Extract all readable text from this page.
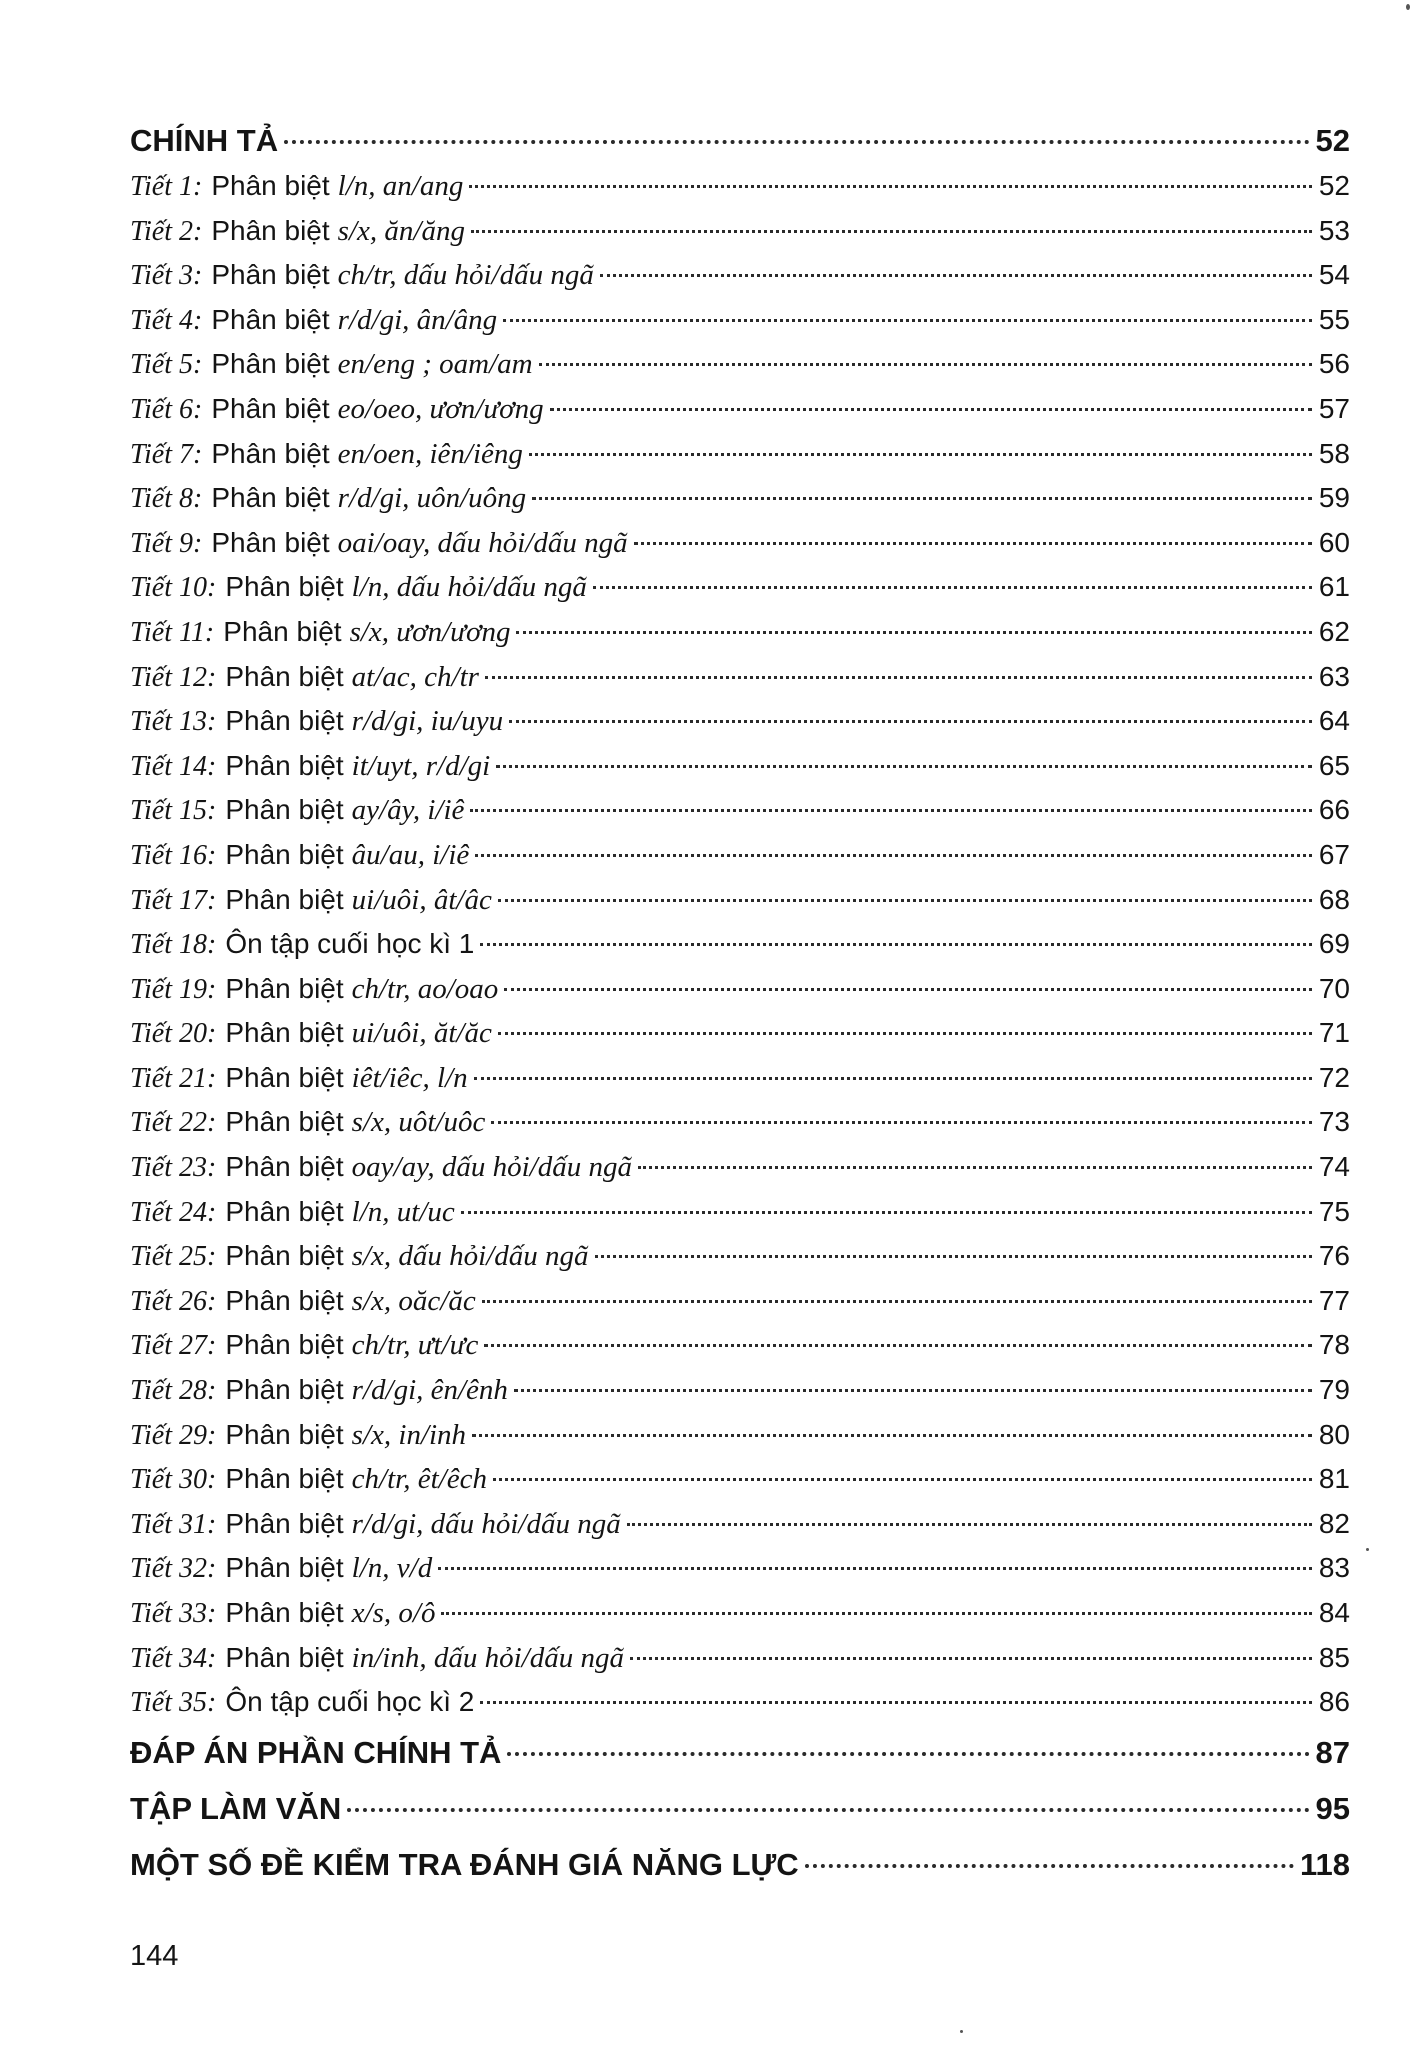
CHÍNH TẢ	52
Tiết 1: Phân biệt l/n, an/ang	52
Tiết 2: Phân biệt s/x, ăn/ăng	53
Tiết 3: Phân biệt ch/tr, dấu hỏi/dấu ngã	54
Tiết 4: Phân biệt r/d/gi, ân/âng	55
Tiết 5: Phân biệt en/eng ; oam/am	56
Tiết 6: Phân biệt eo/oeo, ươn/ương	57
Tiết 7: Phân biệt en/oen, iên/iêng	58
Tiết 8: Phân biệt r/d/gi, uôn/uông	59
Tiết 9: Phân biệt oai/oay, dấu hỏi/dấu ngã	60
Tiết 10: Phân biệt l/n, dấu hỏi/dấu ngã	61
Tiết 11: Phân biệt s/x, ươn/ương	62
Tiết 12: Phân biệt at/ac, ch/tr	63
Tiết 13: Phân biệt r/d/gi, iu/uyu	64
Tiết 14: Phân biệt it/uyt, r/d/gi	65
Tiết 15: Phân biệt ay/ây, i/iê	66
Tiết 16: Phân biệt âu/au, i/iê	67
Tiết 17: Phân biệt ui/uôi, ât/âc	68
Tiết 18: Ôn tập cuối học kì 1	69
Tiết 19: Phân biệt ch/tr, ao/oao	70
Tiết 20: Phân biệt ui/uôi, ăt/ăc	71
Tiết 21: Phân biệt iêt/iêc, l/n	72
Tiết 22: Phân biệt s/x, uôt/uôc	73
Tiết 23: Phân biệt oay/ay, dấu hỏi/dấu ngã	74
Tiết 24: Phân biệt l/n, ut/uc	75
Tiết 25: Phân biệt s/x, dấu hỏi/dấu ngã	76
Tiết 26: Phân biệt s/x, oăc/ăc	77
Tiết 27: Phân biệt ch/tr, ưt/ưc	78
Tiết 28: Phân biệt r/d/gi, ên/ênh	79
Tiết 29: Phân biệt s/x, in/inh	80
Tiết 30: Phân biệt ch/tr, êt/êch	81
Tiết 31: Phân biệt r/d/gi, dấu hỏi/dấu ngã	82
Tiết 32: Phân biệt l/n, v/d	83
Tiết 33: Phân biệt x/s, o/ô	84
Tiết 34: Phân biệt in/inh, dấu hỏi/dấu ngã	85
Tiết 35: Ôn tập cuối học kì 2	86
ĐÁP ÁN PHẦN CHÍNH TẢ	87
TẬP LÀM VĂN	95
MỘT SỐ ĐỀ KIỂM TRA ĐÁNH GIÁ NĂNG LỰC	118
144
